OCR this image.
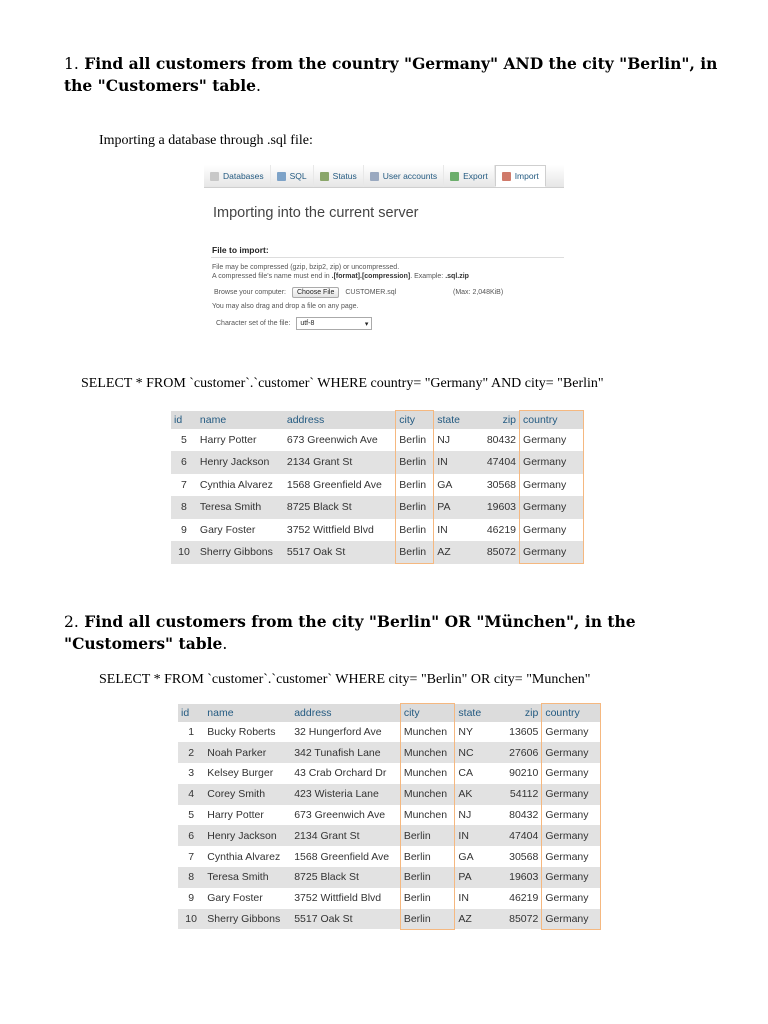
1. Find all customers from the country "Germany" AND the city "Berlin", in the "Customers" table.
Importing a database through .sql file:
Databases	SQL	Status	User accounts	Export	Import
Importing into the current server
File to import:
File may be compressed (gzip, bzip2, zip) or uncompressed.
A compressed file's name must end in .[format].[compression]. Example: .sql.zip
Browse your computer:	Choose File	CUSTOMER.sql	(Max: 2,048KiB)
You may also drag and drop a file on any page.
Character set of the file: utf-8	▾
SELECT * FROM `customer`.`customer` WHERE country= "Germany" AND city= "Berlin"
id	name	address	city	state	zip	country
5	Harry Potter	673 Greenwich Ave	Berlin	NJ	80432	Germany
6	Henry Jackson	2134 Grant St	Berlin	IN	47404	Germany
7	Cynthia Alvarez	1568 Greenfield Ave	Berlin	GA	30568	Germany
8	Teresa Smith	8725 Black St	Berlin	PA	19603	Germany
9	Gary Foster	3752 Wittfield Blvd	Berlin	IN	46219	Germany
10	Sherry Gibbons	5517 Oak St	Berlin	AZ	85072	Germany
2. Find all customers from the city "Berlin" OR "München", in the "Customers" table.
SELECT * FROM `customer`.`customer` WHERE city= "Berlin" OR city= "Munchen"
id	name	address	city	state	zip	country
1	Bucky Roberts	32 Hungerford Ave	Munchen	NY	13605	Germany
2	Noah Parker	342 Tunafish Lane	Munchen	NC	27606	Germany
3	Kelsey Burger	43 Crab Orchard Dr	Munchen	CA	90210	Germany
4	Corey Smith	423 Wisteria Lane	Munchen	AK	54112	Germany
5	Harry Potter	673 Greenwich Ave	Munchen	NJ	80432	Germany
6	Henry Jackson	2134 Grant St	Berlin	IN	47404	Germany
7	Cynthia Alvarez	1568 Greenfield Ave	Berlin	GA	30568	Germany
8	Teresa Smith	8725 Black St	Berlin	PA	19603	Germany
9	Gary Foster	3752 Wittfield Blvd	Berlin	IN	46219	Germany
10	Sherry Gibbons	5517 Oak St	Berlin	AZ	85072	Germany
